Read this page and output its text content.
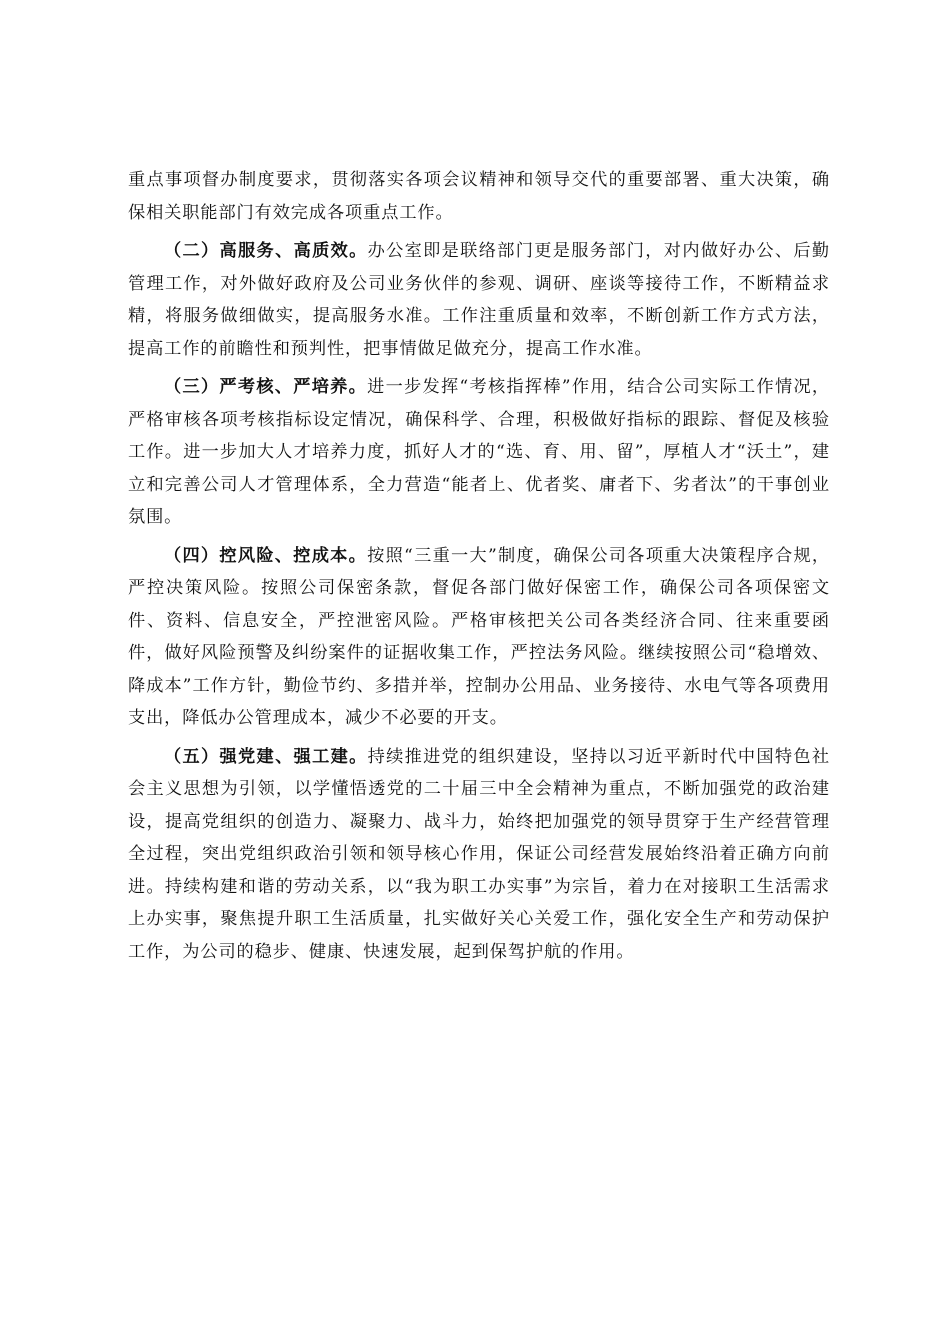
重点事项督办制度要求，贯彻落实各项会议精神和领导交代的重要部署、重大决策，确保相关职能部门有效完成各项重点工作。

（二）高服务、高质效。办公室即是联络部门更是服务部门，对内做好办公、后勤管理工作，对外做好政府及公司业务伙伴的参观、调研、座谈等接待工作，不断精益求精，将服务做细做实，提高服务水准。工作注重质量和效率，不断创新工作方式方法，提高工作的前瞻性和预判性，把事情做足做充分，提高工作水准。

（三）严考核、严培养。进一步发挥“考核指挥棒”作用，结合公司实际工作情况，严格审核各项考核指标设定情况，确保科学、合理，积极做好指标的跟踪、督促及核验工作。进一步加大人才培养力度，抓好人才的“选、育、用、留”，厚植人才“沃土”，建立和完善公司人才管理体系，全力营造“能者上、优者奖、庸者下、劣者汰”的干事创业氛围。

（四）控风险、控成本。按照“三重一大”制度，确保公司各项重大决策程序合规，严控决策风险。按照公司保密条款，督促各部门做好保密工作，确保公司各项保密文件、资料、信息安全，严控泄密风险。严格审核把关公司各类经济合同、往来重要函件，做好风险预警及纠纷案件的证据收集工作，严控法务风险。继续按照公司“稳增效、降成本”工作方针，勤俭节约、多措并举，控制办公用品、业务接待、水电气等各项费用支出，降低办公管理成本，减少不必要的开支。

（五）强党建、强工建。持续推进党的组织建设，坚持以习近平新时代中国特色社会主义思想为引领，以学懂悟透党的二十届三中全会精神为重点，不断加强党的政治建设，提高党组织的创造力、凝聚力、战斗力，始终把加强党的领导贯穿于生产经营管理全过程，突出党组织政治引领和领导核心作用，保证公司经营发展始终沿着正确方向前进。持续构建和谐的劳动关系，以“我为职工办实事”为宗旨，着力在对接职工生活需求上办实事，聚焦提升职工生活质量，扎实做好关心关爱工作，强化安全生产和劳动保护工作，为公司的稳步、健康、快速发展，起到保驾护航的作用。
